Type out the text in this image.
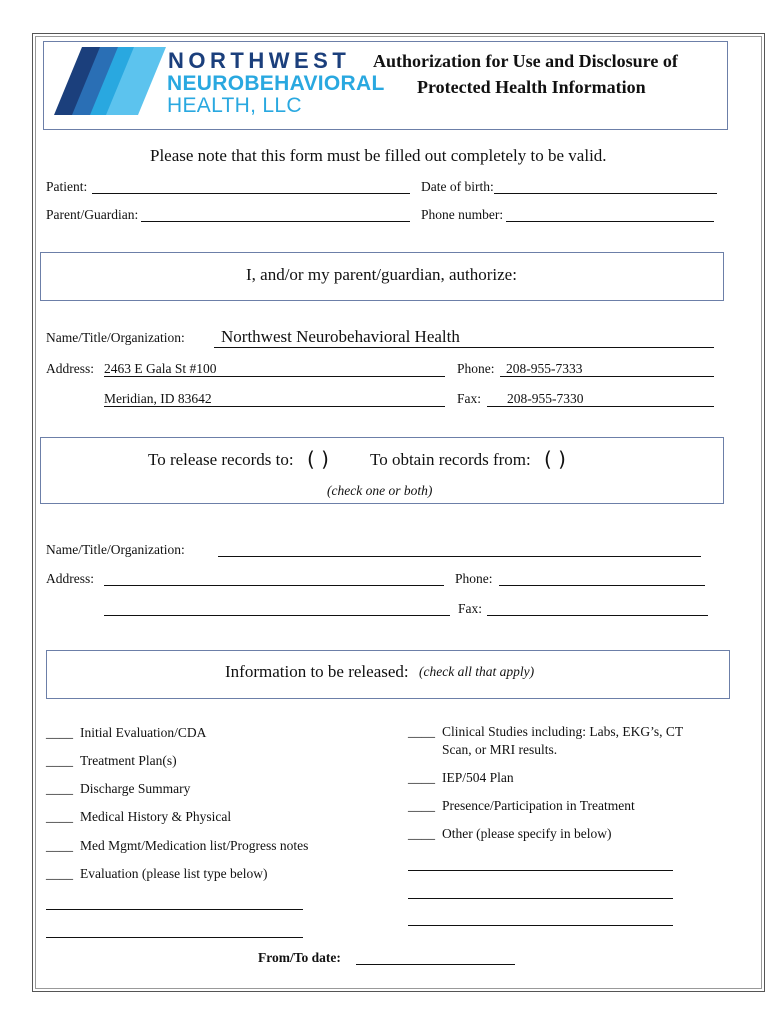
NORTHWEST
NEUROBEHAVIORAL
HEALTH, LLC
Authorization for Use and Disclosure of
Protected Health Information
Please note that this form must be filled out completely to be valid.
Patient:	Date of birth:
Parent/Guardian:	Phone number:
I, and/or my parent/guardian, authorize:
Name/Title/Organization: Northwest Neurobehavioral Health
Address: 2463 E Gala St #100	Phone: 208-955-7333
Meridian, ID 83642	Fax: 208-955-7330
To release records to: ( ) To obtain records from: ( )
(check one or both)
Name/Title/Organization:
Address:	Phone:
Fax:
Information to be released: (check all that apply)
____ Initial Evaluation/CDA
____ Treatment Plan(s)
____ Discharge Summary
____ Medical History & Physical
____ Med Mgmt/Medication list/Progress notes
____ Evaluation (please list type below)
____ Clinical Studies including: Labs, EKG’s, CT
Scan, or MRI results.
____ IEP/504 Plan
____ Presence/Participation in Treatment
____ Other (please specify in below)
From/To date:
